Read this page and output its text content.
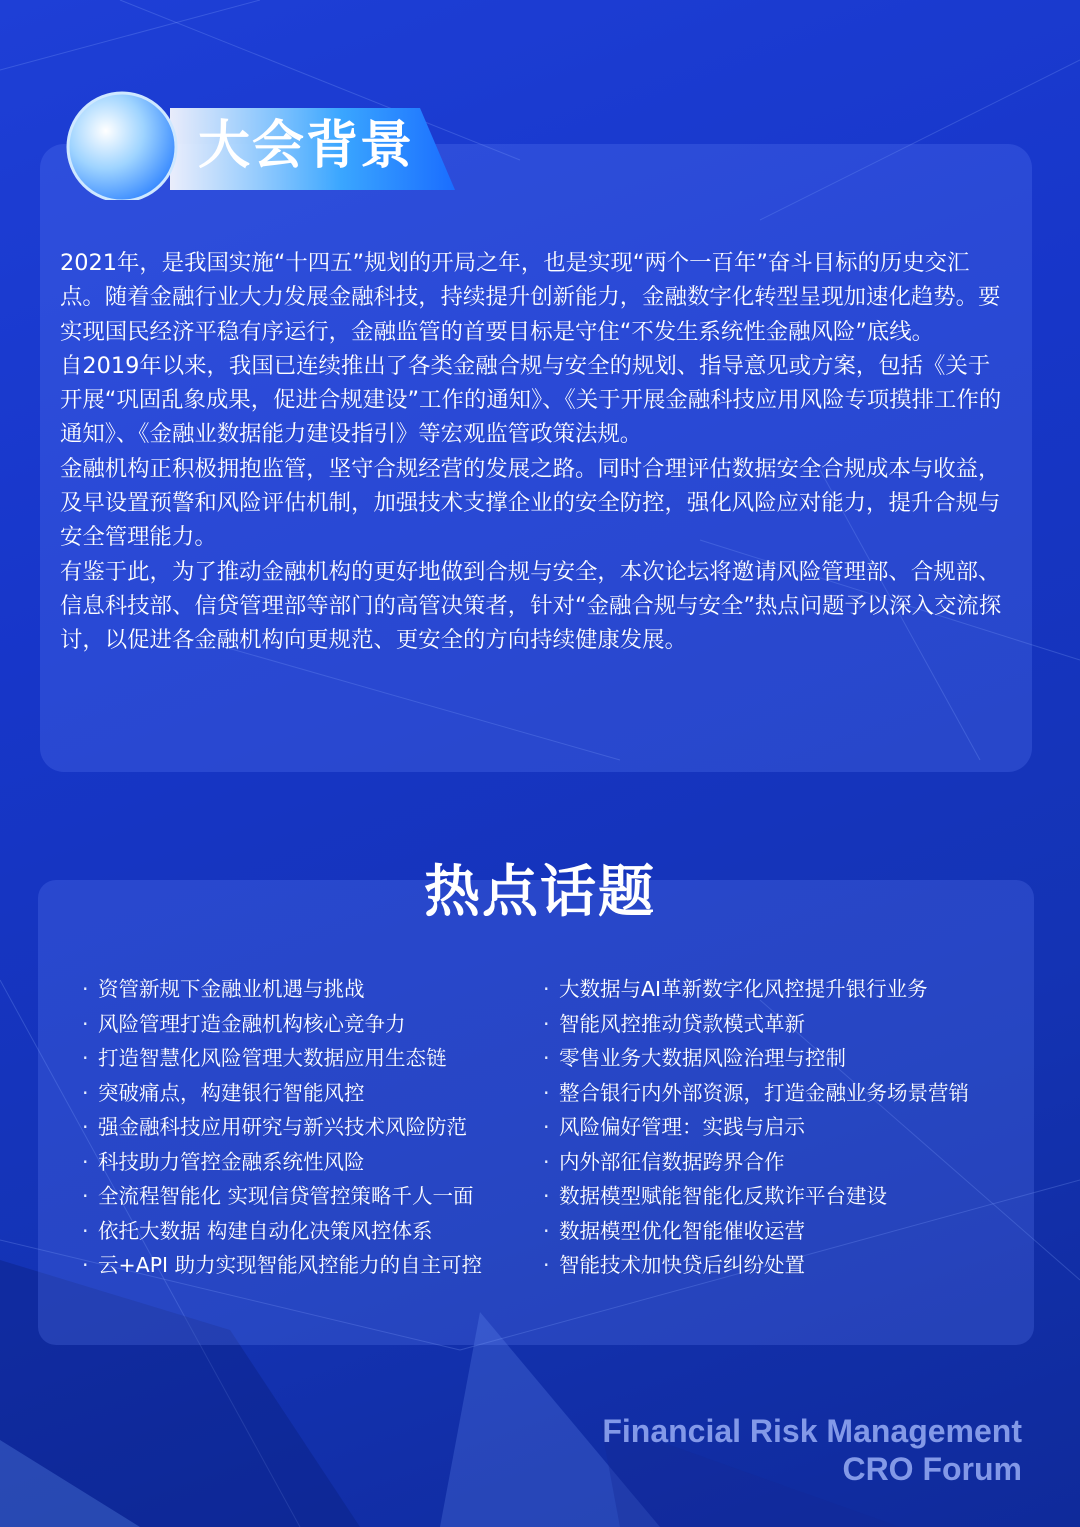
大会背景

2021年，是我国实施“十四五”规划的开局之年，也是实现“两个一百年”奋斗目标的历史交汇点。随着金融行业大力发展金融科技，持续提升创新能力，金融数字化转型呈现加速化趋势。要实现国民经济平稳有序运行，金融监管的首要目标是守住“不发生系统性金融风险”底线。

自2019年以来，我国已连续推出了各类金融合规与安全的规划、指导意见或方案，包括《关于开展“巩固乱象成果，促进合规建设”工作的通知》、《关于开展金融科技应用风险专项摸排工作的通知》、《金融业数据能力建设指引》等宏观监管政策法规。

金融机构正积极拥抱监管，坚守合规经营的发展之路。同时合理评估数据安全合规成本与收益，及早设置预警和风险评估机制，加强技术支撑企业的安全防控，强化风险应对能力，提升合规与安全管理能力。

有鉴于此，为了推动金融机构的更好地做到合规与安全，本次论坛将邀请风险管理部、合规部、信息科技部、信贷管理部等部门的高管决策者，针对“金融合规与安全”热点问题予以深入交流探讨，以促进各金融机构向更规范、更安全的方向持续健康发展。

热点话题
· 资管新规下金融业机遇与挑战
· 风险管理打造金融机构核心竞争力
· 打造智慧化风险管理大数据应用生态链
· 突破痛点，构建银行智能风控
· 强金融科技应用研究与新兴技术风险防范
· 科技助力管控金融系统性风险
· 全流程智能化 实现信贷管控策略千人一面
· 依托大数据 构建自动化决策风控体系
· 云+API 助力实现智能风控能力的自主可控
· 大数据与AI革新数字化风控提升银行业务
· 智能风控推动贷款模式革新
· 零售业务大数据风险治理与控制
· 整合银行内外部资源，打造金融业务场景营销
· 风险偏好管理：实践与启示
· 内外部征信数据跨界合作
· 数据模型赋能智能化反欺诈平台建设
· 数据模型优化智能催收运营
· 智能技术加快贷后纠纷处置
Financial Risk Management
CRO Forum
